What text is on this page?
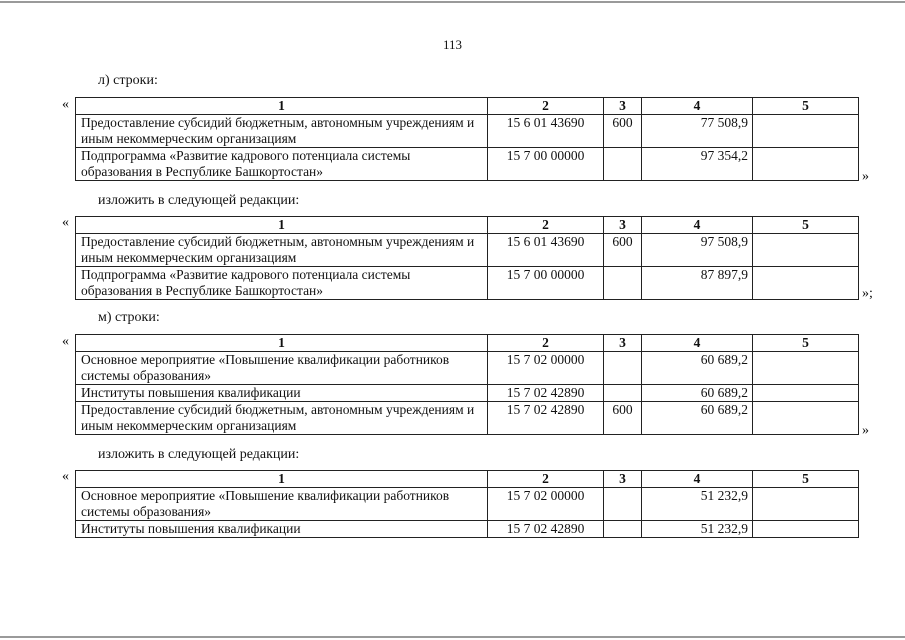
113
л) строки:
«	1	2	3	4	5
Предоставление субсидий бюджетным, автономным учреждениям и иным некоммерческим организациям	15 6 01 43690	600	77 508,9	
Подпрограмма «Развитие кадрового потенциала системы образования в Республике Башкортостан»	15 7 00 00000		97 354,2	
»
изложить в следующей редакции:
«	1	2	3	4	5
Предоставление субсидий бюджетным, автономным учреждениям и иным некоммерческим организациям	15 6 01 43690	600	97 508,9	
Подпрограмма «Развитие кадрового потенциала системы образования в Республике Башкортостан»	15 7 00 00000		87 897,9	
»;
м) строки:
«	1	2	3	4	5
Основное мероприятие «Повышение квалификации работников системы образования»	15 7 02 00000		60 689,2	
Институты повышения квалификации	15 7 02 42890		60 689,2	
Предоставление субсидий бюджетным, автономным учреждениям и иным некоммерческим организациям	15 7 02 42890	600	60 689,2	
»
изложить в следующей редакции:
«	1	2	3	4	5
Основное мероприятие «Повышение квалификации работников системы образования»	15 7 02 00000		51 232,9	
Институты повышения квалификации	15 7 02 42890		51 232,9	
